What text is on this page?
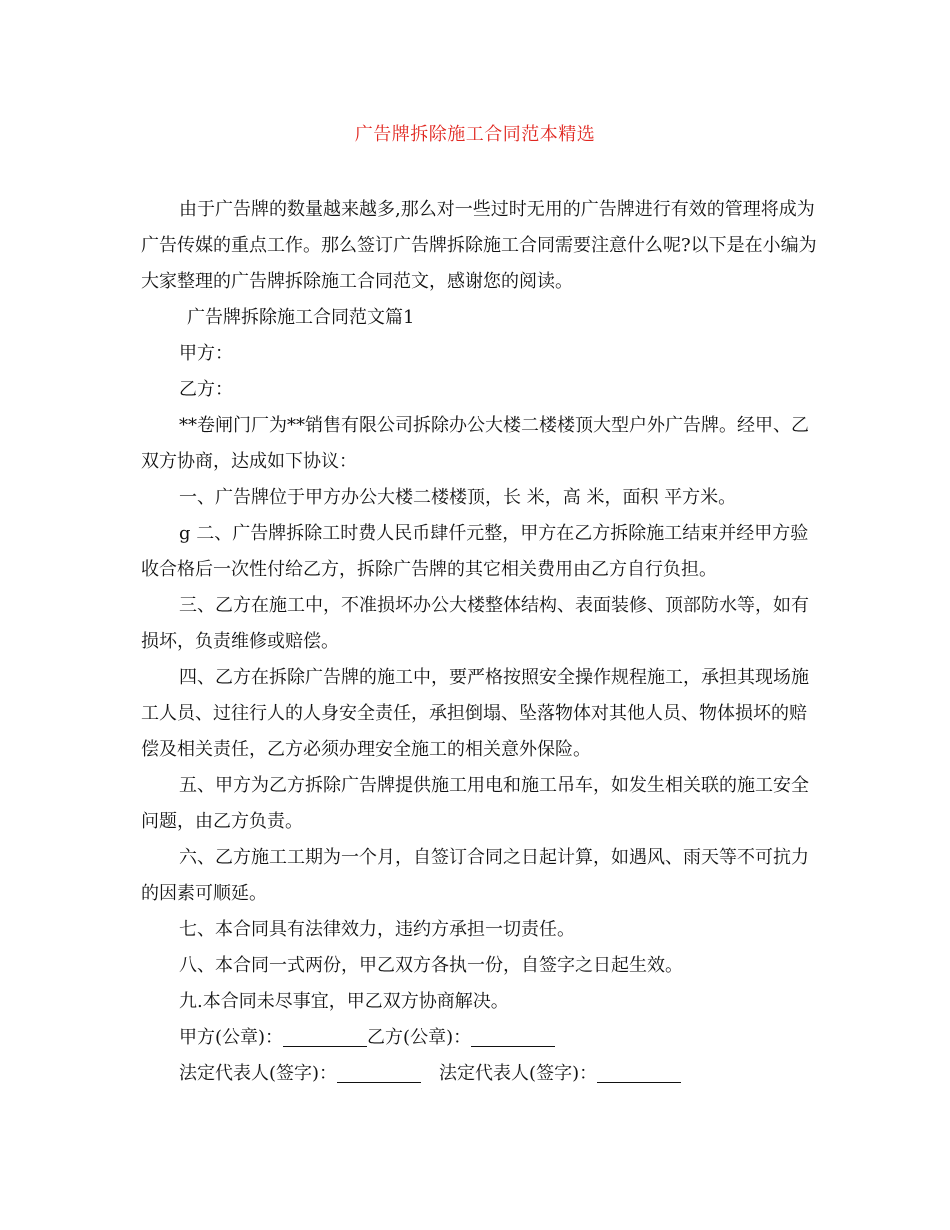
广告牌拆除施工合同范本精选

由于广告牌的数量越来越多,那么对一些过时无用的广告牌进行有效的管理将成为广告传媒的重点工作。那么签订广告牌拆除施工合同需要注意什么呢?以下是在小编为大家整理的广告牌拆除施工合同范文，感谢您的阅读。

广告牌拆除施工合同范文篇1

甲方：

乙方：

**卷闸门厂为**销售有限公司拆除办公大楼二楼楼顶大型户外广告牌。经甲、乙双方协商，达成如下协议：

一、广告牌位于甲方办公大楼二楼楼顶，长 米，高 米，面积 平方米。

g 二、广告牌拆除工时费人民币肆仟元整，甲方在乙方拆除施工结束并经甲方验收合格后一次性付给乙方，拆除广告牌的其它相关费用由乙方自行负担。

三、乙方在施工中，不准损坏办公大楼整体结构、表面装修、顶部防水等，如有损坏，负责维修或赔偿。

四、乙方在拆除广告牌的施工中，要严格按照安全操作规程施工，承担其现场施工人员、过往行人的人身安全责任，承担倒塌、坠落物体对其他人员、物体损坏的赔偿及相关责任，乙方必须办理安全施工的相关意外保险。

五、甲方为乙方拆除广告牌提供施工用电和施工吊车，如发生相关联的施工安全问题，由乙方负责。

六、乙方施工工期为一个月，自签订合同之日起计算，如遇风、雨天等不可抗力的因素可顺延。

七、本合同具有法律效力，违约方承担一切责任。

八、本合同一式两份，甲乙双方各执一份，自签字之日起生效。

九.本合同未尽事宜，甲乙双方协商解决。

甲方(公章)：	乙方(公章)：

法定代表人(签字)：	法定代表人(签字)：
